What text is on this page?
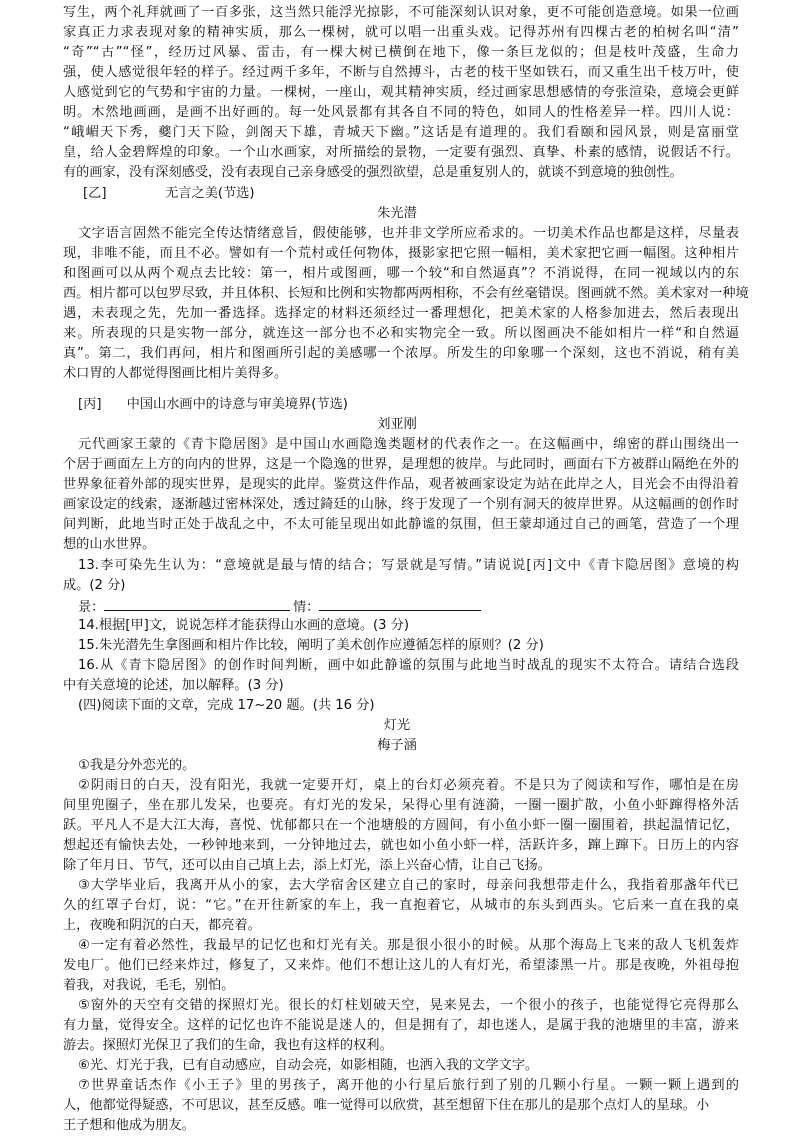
写生，两个礼拜就画了一百多张，这当然只能浮光掠影，不可能深刻认识对象，更不可能创造意境。如果一位画
家真正力求表现对象的精神实质，那么一棵树，就可以唱一出重头戏。记得苏州有四棵古老的柏树名叫“清”
“奇”“古”“怪”，经历过风暴、雷击，有一棵大树已横倒在地下，像一条巨龙似的；但是枝叶茂盛，生命力
强，使人感觉很年轻的样子。经过两千多年，不断与自然搏斗，古老的枝干坚如铁石，而又重生出千枝万叶，使
人感觉到它的气势和宇宙的力量。一棵树，一座山，观其精神实质，经过画家思想感情的夸张渲染，意境会更鲜
明。木然地画画，是画不出好画的。每一处风景都有其各自不同的特色，如同人的性格差异一样。四川人说：
“峨嵋天下秀，夔门天下险，剑阁天下雄，青城天下幽。”这话是有道理的。我们看颐和园风景，则是富丽堂
皇，给人金碧辉煌的印象。一个山水画家，对所描绘的景物，一定要有强烈、真挚、朴素的感情，说假话不行。
有的画家，没有深刻感受，没有表现自己亲身感受的强烈欲望，总是重复别人的，就谈不到意境的独创性。
[乙]              无言之美(节选)
朱光潜
文字语言固然不能完全传达情绪意旨，假使能够，也并非文学所应希求的。一切美术作品也都是这样，尽量表
现，非唯不能，而且不必。譬如有一个荒村或任何物体，摄影家把它照一幅相，美术家把它画一幅图。这种相片
和图画可以从两个观点去比较：第一，相片或图画，哪一个较“和自然逼真”？不消说得，在同一视域以内的东
西。相片都可以包罗尽致，并且体积、长短和比例和实物都两两相称，不会有丝毫错误。图画就不然。美术家对一种境
遇，未表现之先，先加一番选择。选择定的材料还须经过一番理想化，把美术家的人格参加进去，然后表现出
来。所表现的只是实物一部分，就连这一部分也不必和实物完全一致。所以图画决不能如相片一样“和自然逼
真”。第二，我们再问，相片和图画所引起的美感哪一个浓厚。所发生的印象哪一个深刻，这也不消说，稍有美
术口胃的人都觉得图画比相片美得多。
[丙]      中国山水画中的诗意与审美境界(节选)
刘亚刚
元代画家王蒙的《青卞隐居图》是中国山水画隐逸类题材的代表作之一。在这幅画中，绵密的群山围绕出一
个居于画面左上方的向内的世界，这是一个隐逸的世界，是理想的彼岸。与此同时，画面右下方被群山隔绝在外的
世界象征着外部的现实世界，是现实的此岸。鉴赏这件作品，观者被画家设定为站在此岸之人，目光会不由得沿着
画家设定的线索，逐渐越过密林深处，透过錡廷的山脉，终于发现了一个别有洞天的彼岸世界。从这幅画的创作时
间判断，此地当时正处于战乱之中，不太可能呈现出如此静谧的氛围，但王蒙却通过自己的画笔，营造了一个理
想的山水世界。
13.李可染先生认为：“意境就是最与情的结合；写景就是写情。”请说说[丙]文中《青卞隐居图》意境的构
成。(2 分)
景：	情：
14.根据[甲]文，说说怎样才能获得山水画的意境。(3 分)
15.朱光潜先生拿图画和相片作比较，阐明了美术创作应遵循怎样的原则？(2 分)
16.从《青卞隐居图》的创作时间判断，画中如此静谧的氛围与此地当时战乱的现实不太符合。请结合选段
中有关意境的论述，加以解释。(3 分)
(四)阅读下面的文章，完成 17~20 题。(共 16 分)
灯光
梅子涵
①我是分外恋光的。
②阴雨日的白天，没有阳光，我就一定要开灯，桌上的台灯必须亮着。不是只为了阅读和写作，哪怕是在房
间里兜圈子，坐在那儿发呆，也要亮。有灯光的发呆，呆得心里有涟漪，一圈一圈扩散，小鱼小虾蹿得格外活
跃。平凡人不是大江大海，喜悦、忧郁都只在一个池塘般的方圆间，有小鱼小虾一圈一圈围着，拱起温情记忆，
想起还有愉快去处，一秒钟地来到，一分钟地过去，就也如小鱼小虾一样，活跃许多，蹿上蹿下。日历上的内容
除了年月日、节气，还可以由自己填上去，添上灯光，添上兴奋心情，让自己飞扬。
③大学毕业后，我离开从小的家，去大学宿舍区建立自己的家时，母亲问我想带走什么，我指着那盏年代已
久的红罩子台灯，说：“它。”在开往新家的车上，我一直抱着它，从城市的东头到西头。它后来一直在我的桌
上，夜晚和阴沉的白天，都亮着。
④一定有着必然性，我最早的记忆也和灯光有关。那是很小很小的时候。从那个海岛上飞来的敌人飞机轰炸
发电厂。他们已经来炸过，修复了，又来炸。他们不想让这儿的人有灯光，希望漆黑一片。那是夜晚，外祖母抱
着我，对我说，毛毛，别怕。
⑤窗外的天空有交错的探照灯光。很长的灯柱划破天空，晃来晃去，一个很小的孩子，也能觉得它亮得那么
有力量，觉得安全。这样的记忆也许不能说是迷人的，但是拥有了，却也迷人，是属于我的池塘里的丰富，游来
游去。探照灯光保卫了我们的生命，我也有这样的权利。
⑥光、灯光于我，已有自动感应，自动会亮，如影相随，也洒入我的文学文字。
⑦世界童话杰作《小王子》里的男孩子，离开他的小行星后旅行到了别的几颗小行星。一颗一颗上遇到的
人，他都觉得疑惑，不可思议，甚至反感。唯一觉得可以欣赏，甚至想留下住在那儿的是那个点灯人的星球。小
王子想和他成为朋友。
